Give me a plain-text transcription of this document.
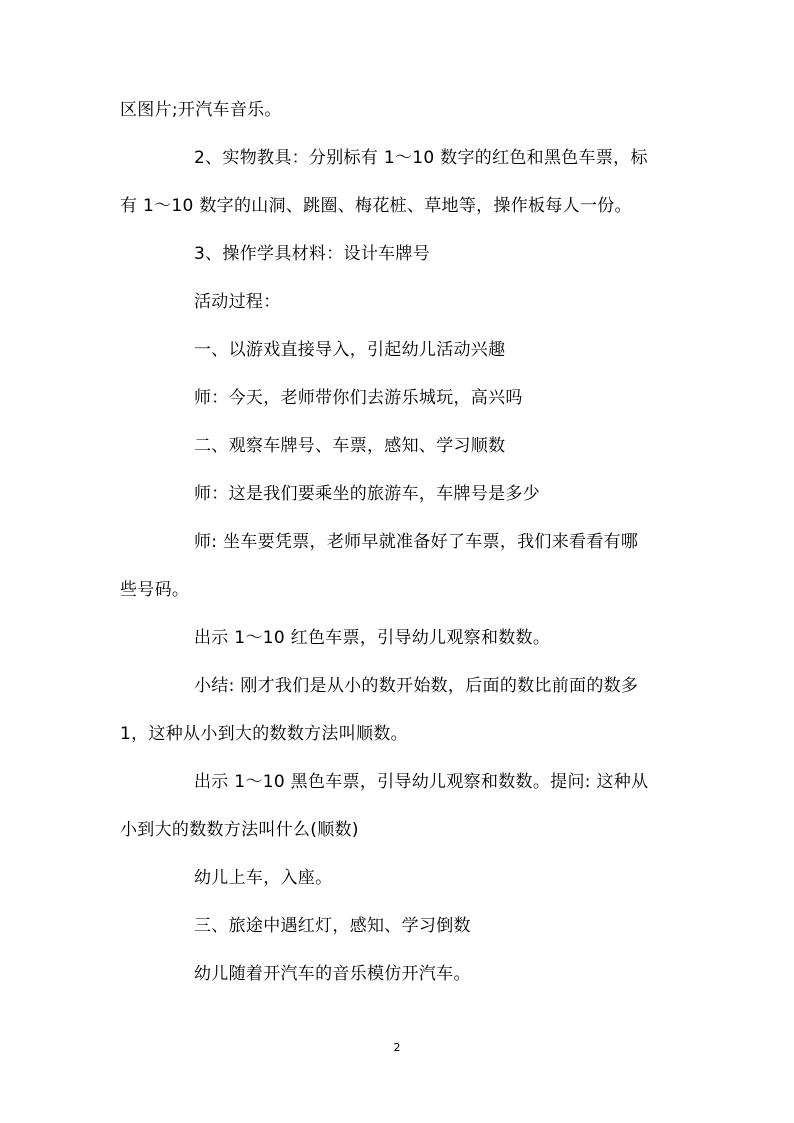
区图片;开汽车音乐。
2、实物教具：分别标有 1～10 数字的红色和黑色车票，标
有 1～10 数字的山洞、跳圈、梅花桩、草地等，操作板每人一份。
3、操作学具材料：设计车牌号
活动过程：
一、以游戏直接导入，引起幼儿活动兴趣
师：今天，老师带你们去游乐城玩，高兴吗
二、观察车牌号、车票，感知、学习顺数
师：这是我们要乘坐的旅游车，车牌号是多少
师: 坐车要凭票，老师早就准备好了车票，我们来看看有哪
些号码。
出示 1～10 红色车票，引导幼儿观察和数数。
小结: 刚才我们是从小的数开始数，后面的数比前面的数多
1，这种从小到大的数数方法叫顺数。
出示 1～10 黑色车票，引导幼儿观察和数数。提问: 这种从
小到大的数数方法叫什么(顺数)
幼儿上车，入座。
三、旅途中遇红灯，感知、学习倒数
幼儿随着开汽车的音乐模仿开汽车。
2
